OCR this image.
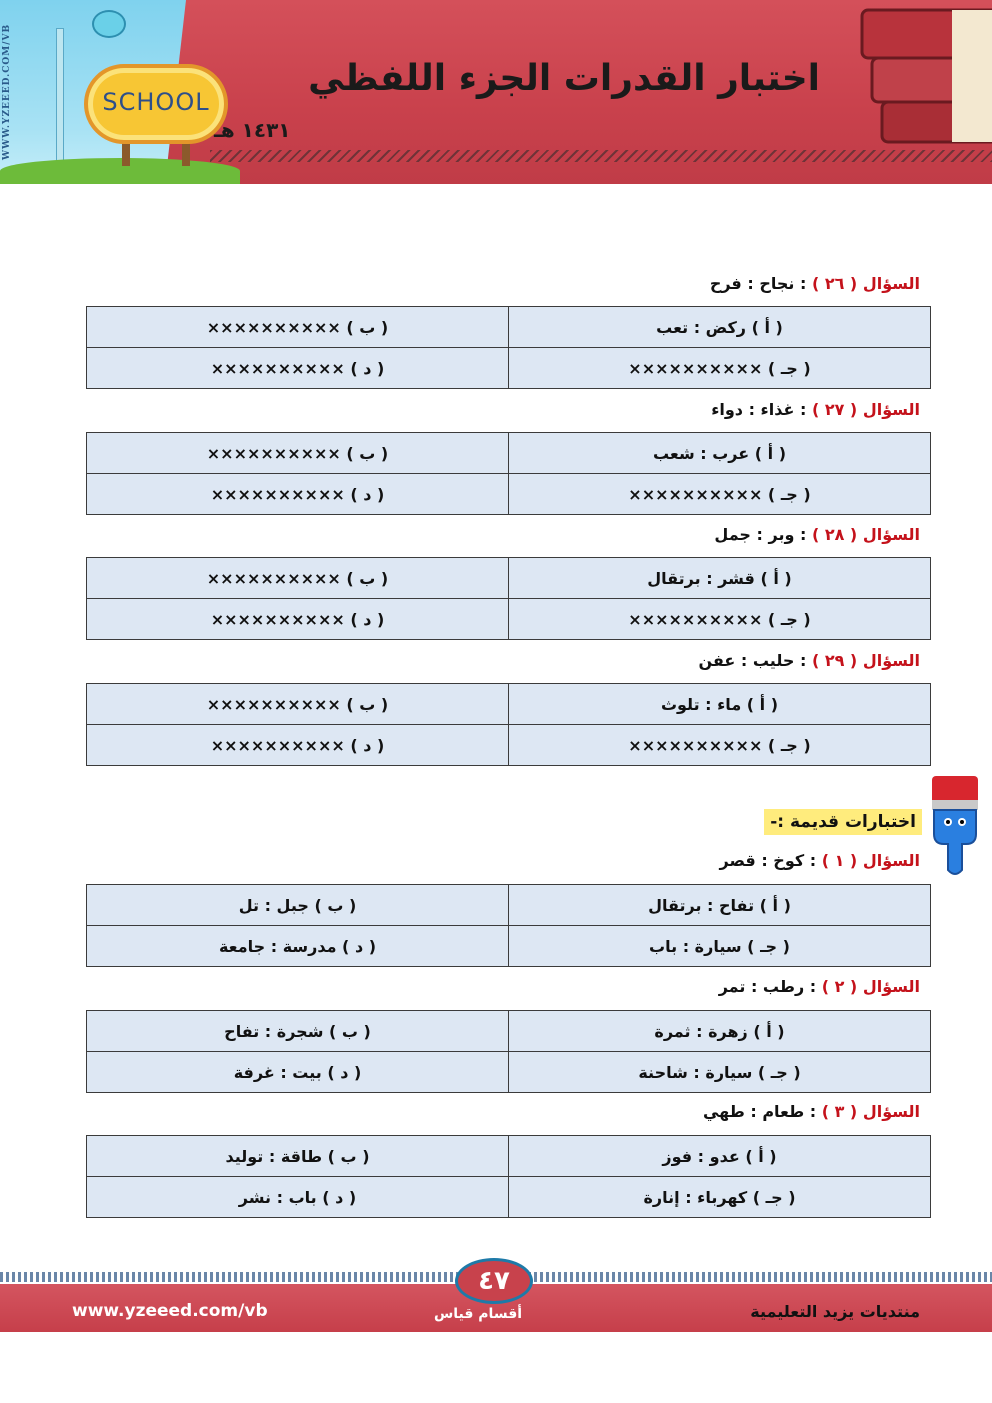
SCHOOL
اختبار القدرات الجزء اللفظي
١٤٣١ هـ
WWW.YZEEED.COM/VB
السؤال ( ٢٦ ) : نجاح : فرح
( أ ) ركض : تعب	( ب ) ××××××××××
( جـ ) ××××××××××	( د ) ××××××××××
السؤال ( ٢٧ ) : غذاء : دواء
( أ ) عرب : شعب	( ب ) ××××××××××
( جـ ) ××××××××××	( د ) ××××××××××
السؤال ( ٢٨ ) : وبر : جمل
( أ ) قشر : برتقال	( ب ) ××××××××××
( جـ ) ××××××××××	( د ) ××××××××××
السؤال ( ٢٩ ) : حليب : عفن
( أ ) ماء : تلوث	( ب ) ××××××××××
( جـ ) ××××××××××	( د ) ××××××××××
اختبارات قديمة :-
السؤال ( ١ ) : كوخ : قصر
( أ ) تفاح : برتقال	( ب ) جبل : تل
( جـ ) سيارة : باب	( د ) مدرسة : جامعة
السؤال ( ٢ ) : رطب : تمر
( أ ) زهرة : ثمرة	( ب ) شجرة : تفاح
( جـ ) سيارة : شاحنة	( د ) بيت : غرفة
السؤال ( ٣ ) : طعام : طهي
( أ ) عدو : فوز	( ب ) طاقة : توليد
( جـ ) كهرباء : إنارة	( د ) باب : نشر
٤٧
www.yzeeed.com/vb	أقسام قياس	منتديات يزيد التعليمية
